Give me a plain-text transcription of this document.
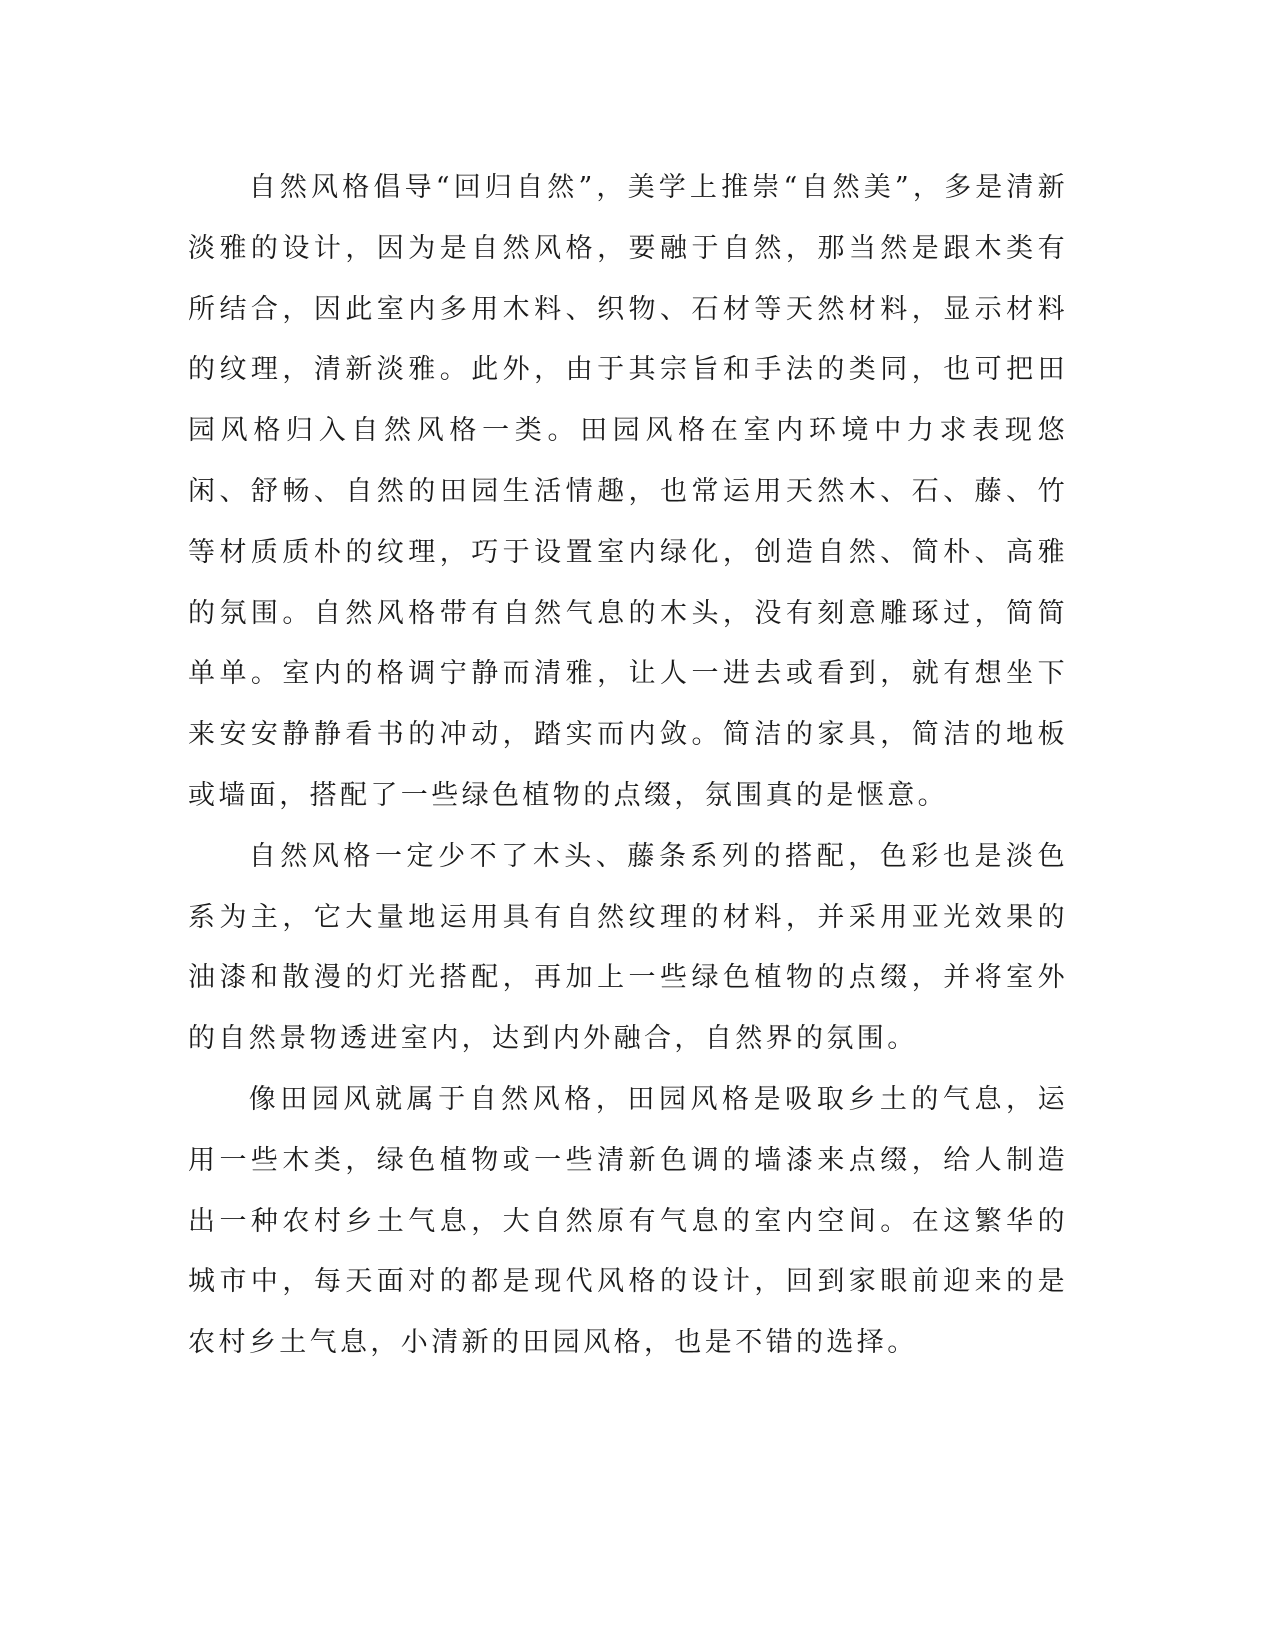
自然风格倡导“回归自然”，美学上推崇“自然美”，多是清新淡雅的设计，因为是自然风格，要融于自然，那当然是跟木类有所结合，因此室内多用木料、织物、石材等天然材料，显示材料的纹理，清新淡雅。此外，由于其宗旨和手法的类同，也可把田园风格归入自然风格一类。田园风格在室内环境中力求表现悠闲、舒畅、自然的田园生活情趣，也常运用天然木、石、藤、竹等材质质朴的纹理，巧于设置室内绿化，创造自然、简朴、高雅的氛围。自然风格带有自然气息的木头，没有刻意雕琢过，简简单单。室内的格调宁静而清雅，让人一进去或看到，就有想坐下来安安静静看书的冲动，踏实而内敛。简洁的家具，简洁的地板或墙面，搭配了一些绿色植物的点缀，氛围真的是惬意。

自然风格一定少不了木头、藤条系列的搭配，色彩也是淡色系为主，它大量地运用具有自然纹理的材料，并采用亚光效果的油漆和散漫的灯光搭配，再加上一些绿色植物的点缀，并将室外的自然景物透进室内，达到内外融合，自然界的氛围。

像田园风就属于自然风格，田园风格是吸取乡土的气息，运用一些木类，绿色植物或一些清新色调的墙漆来点缀，给人制造出一种农村乡土气息，大自然原有气息的室内空间。在这繁华的城市中，每天面对的都是现代风格的设计，回到家眼前迎来的是农村乡土气息，小清新的田园风格，也是不错的选择。
